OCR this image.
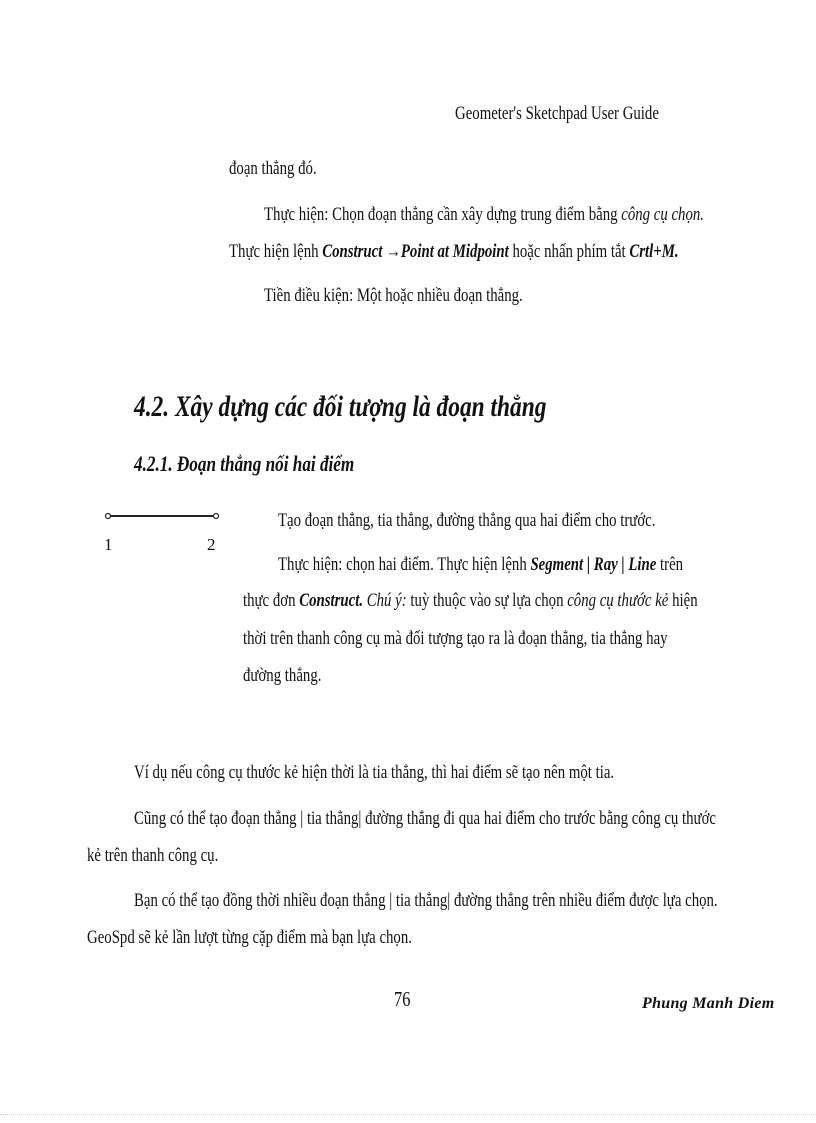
Geometer's Sketchpad User Guide
đoạn thẳng đó.
Thực hiện: Chọn đoạn thẳng cần xây dựng trung điểm bằng công cụ chọn.
Thực hiện lệnh Construct →Point at Midpoint hoặc nhấn phím tắt Crtl+M.
Tiền điều kiện: Một hoặc nhiều đoạn thẳng.
4.2. Xây dựng các đối tượng là đoạn thẳng
4.2.1. Đoạn thẳng nối hai điểm
1	2
Tạo đoạn thẳng, tia thẳng, đường thẳng qua hai điểm cho trước.
Thực hiện: chọn hai điểm. Thực hiện lệnh Segment | Ray | Line trên
thực đơn Construct. Chú ý: tuỳ thuộc vào sự lựa chọn công cụ thước kẻ hiện
thời trên thanh công cụ mà đối tượng tạo ra là đoạn thẳng, tia thẳng hay
đường thẳng.
Ví dụ nếu công cụ thước kẻ hiện thời là tia thẳng, thì hai điểm sẽ tạo nên một tia.
Cũng có thể tạo đoạn thẳng | tia thẳng| đường thẳng đi qua hai điểm cho trước bằng công cụ thước
kẻ trên thanh công cụ.
Bạn có thể tạo đồng thời nhiều đoạn thẳng | tia thẳng| đường thẳng trên nhiều điểm được lựa chọn.
GeoSpd sẽ kẻ lần lượt từng cặp điểm mà bạn lựa chọn.
76	Phung Manh Diem
